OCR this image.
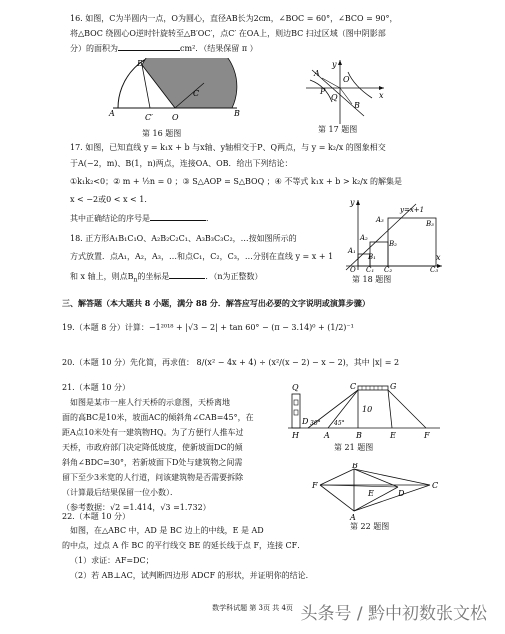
16. 如图，C为半圆内一点，O为圆心，直径AB长为2cm，∠BOC = 60°，∠BCO = 90°，
将△BOC 绕圆心O逆时针旋转至△B′OC′，点C′ 在OA上，则边BC 扫过区域（图中阴影部
分）的面积为	cm²．（结果保留 π ）
A	B
B′
C
C′ O
第 16 题图
y
x
A
O
P
Q
B
第 17 题图
17. 如图，已知直线 y = k₁x + b 与x轴、y轴相交于P、Q两点，与 y = k₂/x 的图象相交
于A(−2，m)、B(1，n)两点，连接OA、OB．给出下列结论：
①k₁k₂<0；② m + ½n = 0 ；③ S△AOP = S△BOQ ；④ 不等式 k₁x + b > k₂/x 的解集是
x < −2或0 < x < 1．
其中正确结论的序号是	．
y
x
y=x+1
A₁
A₂
A₃
B₁
B₂
B₃
O C₁ C₂	C₃
第 18 题图
18. 正方形A₁B₁C₁O、A₂B₂C₂C₁、A₃B₃C₃C₂，…按如图所示的
方式放置．点A₁，A₂，A₃，…和点C₁，C₂，C₃，…分别在直线 y = x + 1
和 x 轴上，则点$B_n$的坐标是	．（n为正整数）
三、解答题（本大题共 8 小题，满分 88 分．解答应写出必要的文字说明或演算步骤）
19.（本题 8 分）计算：−1²⁰¹⁸ + |√3 − 2| + tan 60° − (π − 3.14)⁰ + (1/2)⁻¹
20.（本题 10 分）先化简，再求值： 8/(x² − 4x + 4) ÷ (x²/(x − 2) − x − 2)，其中 |x| = 2
21.（本题 10 分）
如图是某市一座人行天桥的示意图，天桥离地
面的高BC是10米，坡面AC的倾斜角∠CAB=45°，在
距A点10米处有一建筑物HQ。为了方便行人推车过
天桥，市政府部门决定降低坡度，使新坡面DC的倾
斜角∠BDC=30°，若新坡面下D处与建筑物之间需
留下至少3米宽的人行道，问该建筑物是否需要拆除
（计算最后结果保留一位小数）．
（参考数据：√2 =1.414，√3 =1.732）
10
30° 45°
Q
H
D
A	B
C
E	F
G
第 21 题图
F
B
A
C
D
E
第 22 题图
22.（本题 10 分）
如图，在△ABC 中，AD 是 BC 边上的中线，E 是 AD
的中点，过点 A 作 BC 的平行线交 BE 的延长线于点 F，连接 CF．
（1）求证：AF=DC；
（2）若 AB⊥AC，试判断四边形 ADCF 的形状，并证明你的结论．
数学科试题 第 3页 共 4页 头条号 / 黔中初数张文松
